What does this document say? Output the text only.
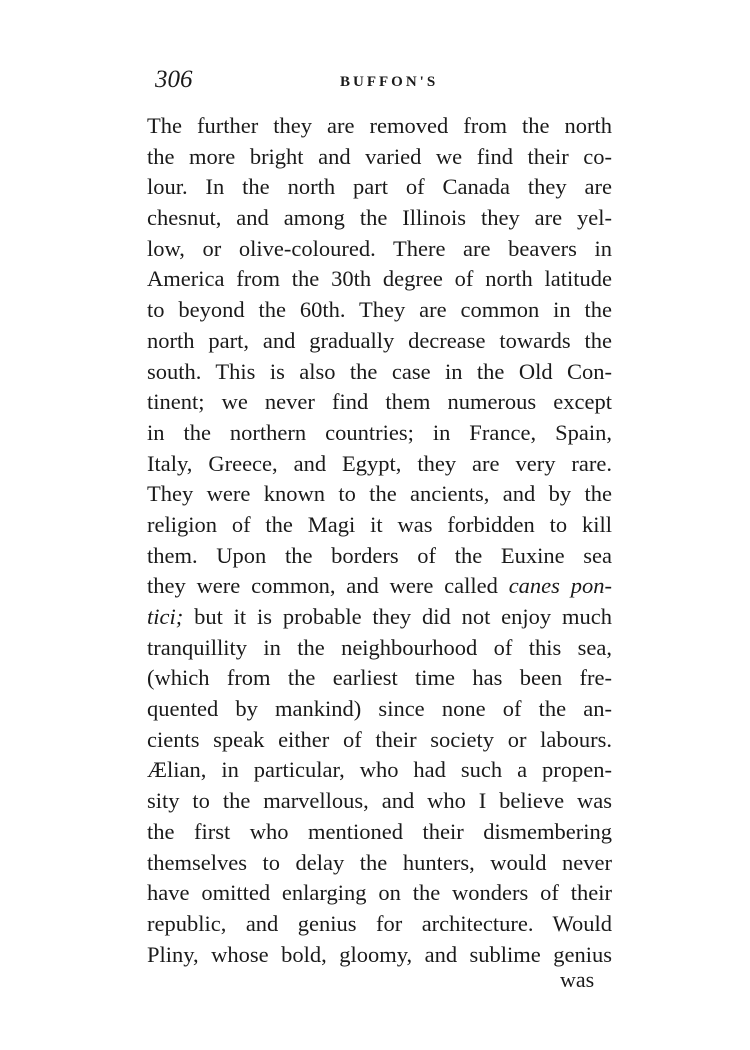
306	BUFFON'S
The further they are removed from the north
the more bright and varied we find their co-
lour. In the north part of Canada they are
chesnut, and among the Illinois they are yel-
low, or olive-coloured. There are beavers in
America from the 30th degree of north latitude
to beyond the 60th. They are common in the
north part, and gradually decrease towards the
south. This is also the case in the Old Con-
tinent; we never find them numerous except
in the northern countries; in France, Spain,
Italy, Greece, and Egypt, they are very rare.
They were known to the ancients, and by the
religion of the Magi it was forbidden to kill
them. Upon the borders of the Euxine sea
they were common, and were called canes pon-
tici; but it is probable they did not enjoy much
tranquillity in the neighbourhood of this sea,
(which from the earliest time has been fre-
quented by mankind) since none of the an-
cients speak either of their society or labours.
Ælian, in particular, who had such a propen-
sity to the marvellous, and who I believe was
the first who mentioned their dismembering
themselves to delay the hunters, would never
have omitted enlarging on the wonders of their
republic, and genius for architecture. Would
Pliny, whose bold, gloomy, and sublime genius
was
